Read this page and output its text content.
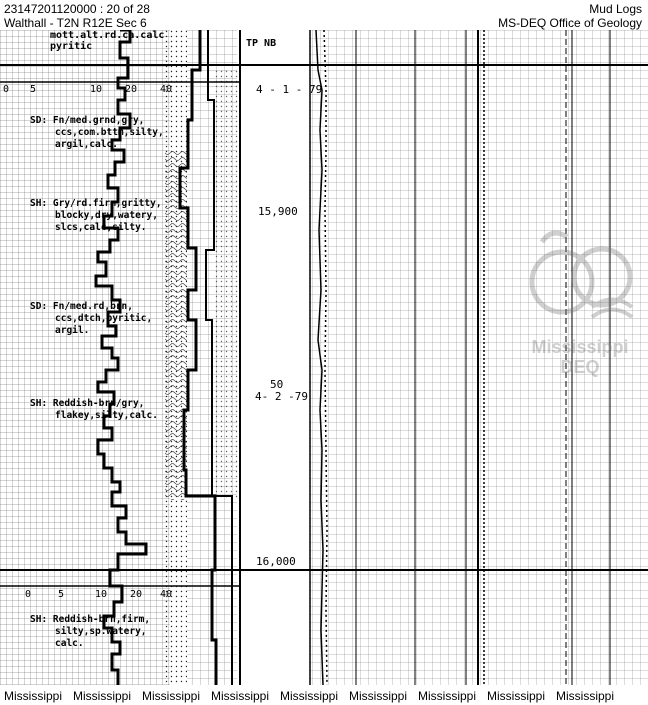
23147201120000 : 20 of 28
Walthall - T2N R12E Sec 6
Mud Logs
MS-DEQ Office of Geology
0 5	10 20 40
0	5	10 20 40
mott.alt.rd.ca.calc
pyritic	TP NB
SD: Fn/med.grnd,gry,
ccs,com.bttm,silty,
argil,calc.
SH: Gry/rd.firm,gritty,
blocky,dry,watery,
slcs,calc,silty.
SD: Fn/med.rd,brn,
ccs,dtch,pyritic,
argil.
SH: Reddish-brn/gry,
flakey,silty,calc.
SH: Reddish-brn,firm,
silty,sp.watery,
calc.
4 - 1 - 79
15,900
50
4- 2 -79
16,000
Mississippi
DEQ
Mississippi Mississippi Mississippi Mississippi Mississippi Mississippi Mississippi Mississippi Mississippi
